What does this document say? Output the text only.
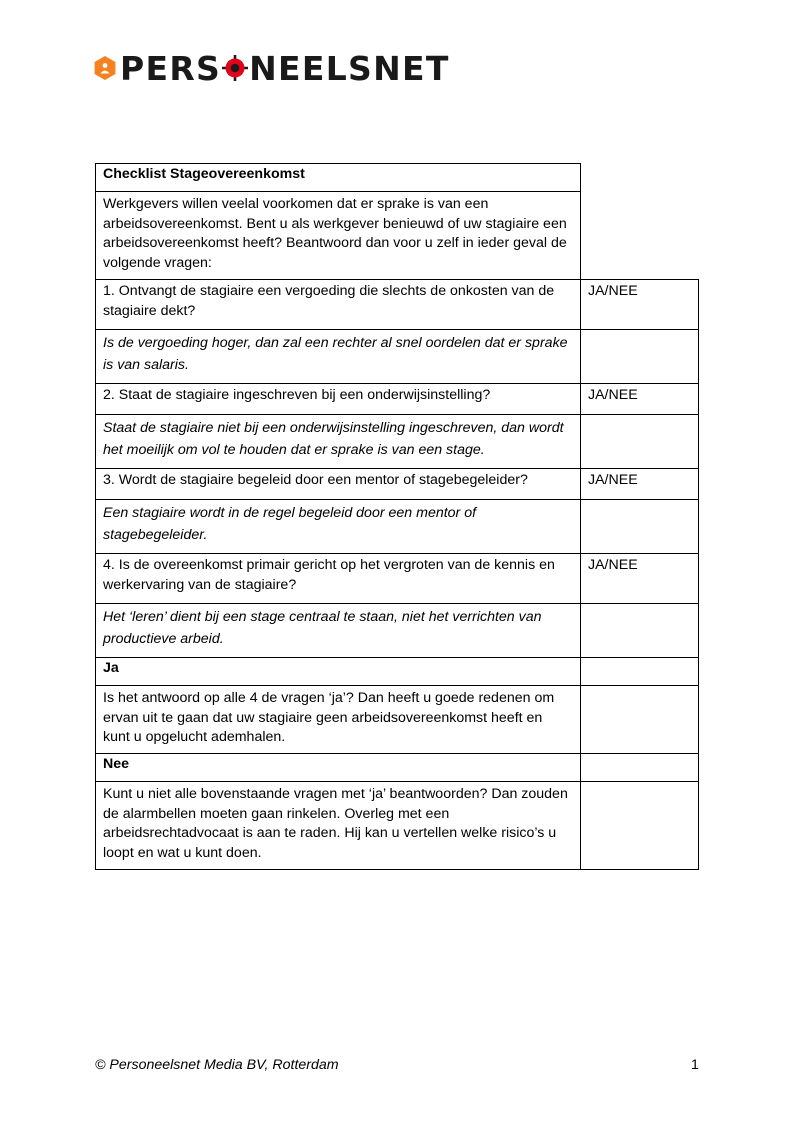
PERS NEELSNET
Checklist Stageovereenkomst	
Werkgevers willen veelal voorkomen dat er sprake is van een arbeidsovereenkomst. Bent u als werkgever benieuwd of uw stagiaire een arbeidsovereenkomst heeft? Beantwoord dan voor u zelf in ieder geval de volgende vragen:	
1. Ontvangt de stagiaire een vergoeding die slechts de onkosten van de stagiaire dekt?	JA/NEE
Is de vergoeding hoger, dan zal een rechter al snel oordelen dat er sprake is van salaris.	
2. Staat de stagiaire ingeschreven bij een onderwijsinstelling?	JA/NEE
Staat de stagiaire niet bij een onderwijsinstelling ingeschreven, dan wordt het moeilijk om vol te houden dat er sprake is van een stage.	
3. Wordt de stagiaire begeleid door een mentor of stagebegeleider?	JA/NEE
Een stagiaire wordt in de regel begeleid door een mentor of stagebegeleider.	
4. Is de overeenkomst primair gericht op het vergroten van de kennis en werkervaring van de stagiaire?	JA/NEE
Het ‘leren’ dient bij een stage centraal te staan, niet het verrichten van productieve arbeid.	
Ja	
Is het antwoord op alle 4 de vragen ‘ja’? Dan heeft u goede redenen om ervan uit te gaan dat uw stagiaire geen arbeidsovereenkomst heeft en kunt u opgelucht ademhalen.	
Nee	
Kunt u niet alle bovenstaande vragen met ‘ja’ beantwoorden? Dan zouden de alarmbellen moeten gaan rinkelen. Overleg met een arbeidsrechtadvocaat is aan te raden. Hij kan u vertellen welke risico’s u loopt en wat u kunt doen.	
© Personeelsnet Media BV, Rotterdam	1
